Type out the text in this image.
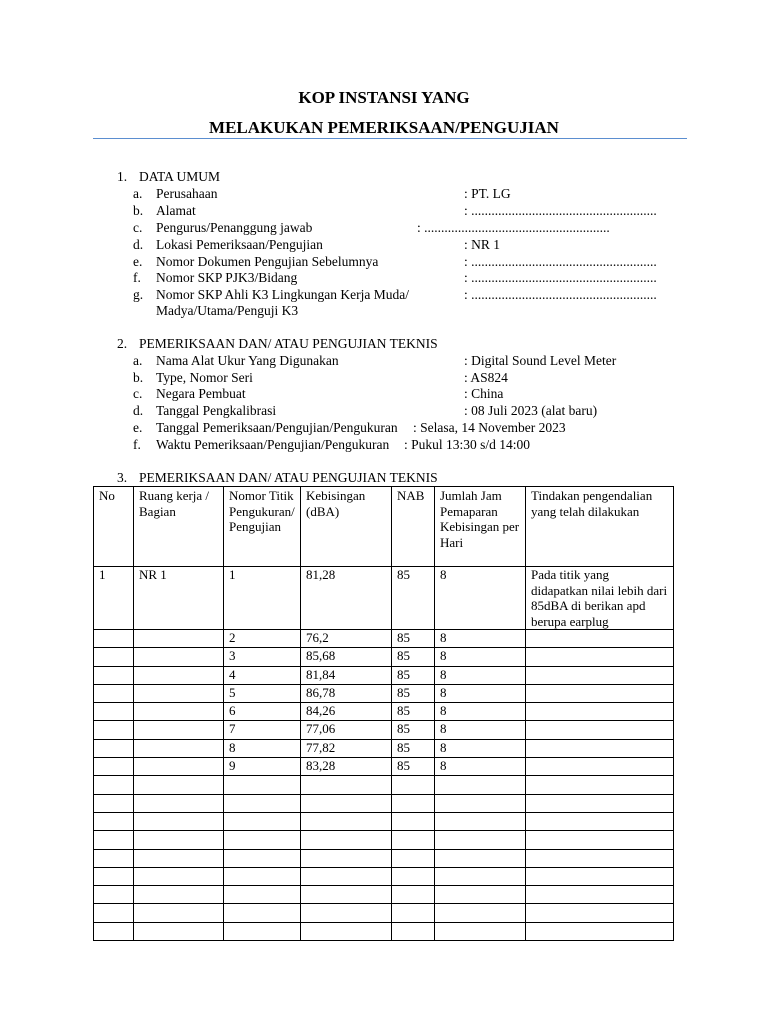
KOP INSTANSI YANG
MELAKUKAN PEMERIKSAAN/PENGUJIAN
1. DATA UMUM
a. Perusahaan	: PT. LG
b. Alamat	: .......................................................
c. Pengurus/Penanggung jawab	: .......................................................
d. Lokasi Pemeriksaan/Pengujian	: NR 1
e. Nomor Dokumen Pengujian Sebelumnya	: .......................................................
f. Nomor SKP PJK3/Bidang	: .......................................................
g. Nomor SKP Ahli K3 Lingkungan Kerja Muda/	: .......................................................
Madya/Utama/Penguji K3
2. PEMERIKSAAN DAN/ ATAU PENGUJIAN TEKNIS
a. Nama Alat Ukur Yang Digunakan	: Digital Sound Level Meter
b. Type, Nomor Seri	: AS824
c. Negara Pembuat	: China
d. Tanggal Pengkalibrasi	: 08 Juli 2023 (alat baru)
e. Tanggal Pemeriksaan/Pengujian/Pengukuran : Selasa, 14 November 2023
f. Waktu Pemeriksaan/Pengujian/Pengukuran : Pukul 13:30 s/d 14:00
3. PEMERIKSAAN DAN/ ATAU PENGUJIAN TEKNIS
No	Ruang kerja / Bagian	Nomor Titik Pengukuran/ Pengujian	Kebisingan (dBA)	NAB	Jumlah Jam Pemaparan Kebisingan per Hari	Tindakan pengendalian yang telah dilakukan
1	NR 1	1	81,28	85	8	Pada titik yang didapatkan nilai lebih dari 85dBA di berikan apd berupa earplug
		2	76,2	85	8	
		3	85,68	85	8	
		4	81,84	85	8	
		5	86,78	85	8	
		6	84,26	85	8	
		7	77,06	85	8	
		8	77,82	85	8	
		9	83,28	85	8	
